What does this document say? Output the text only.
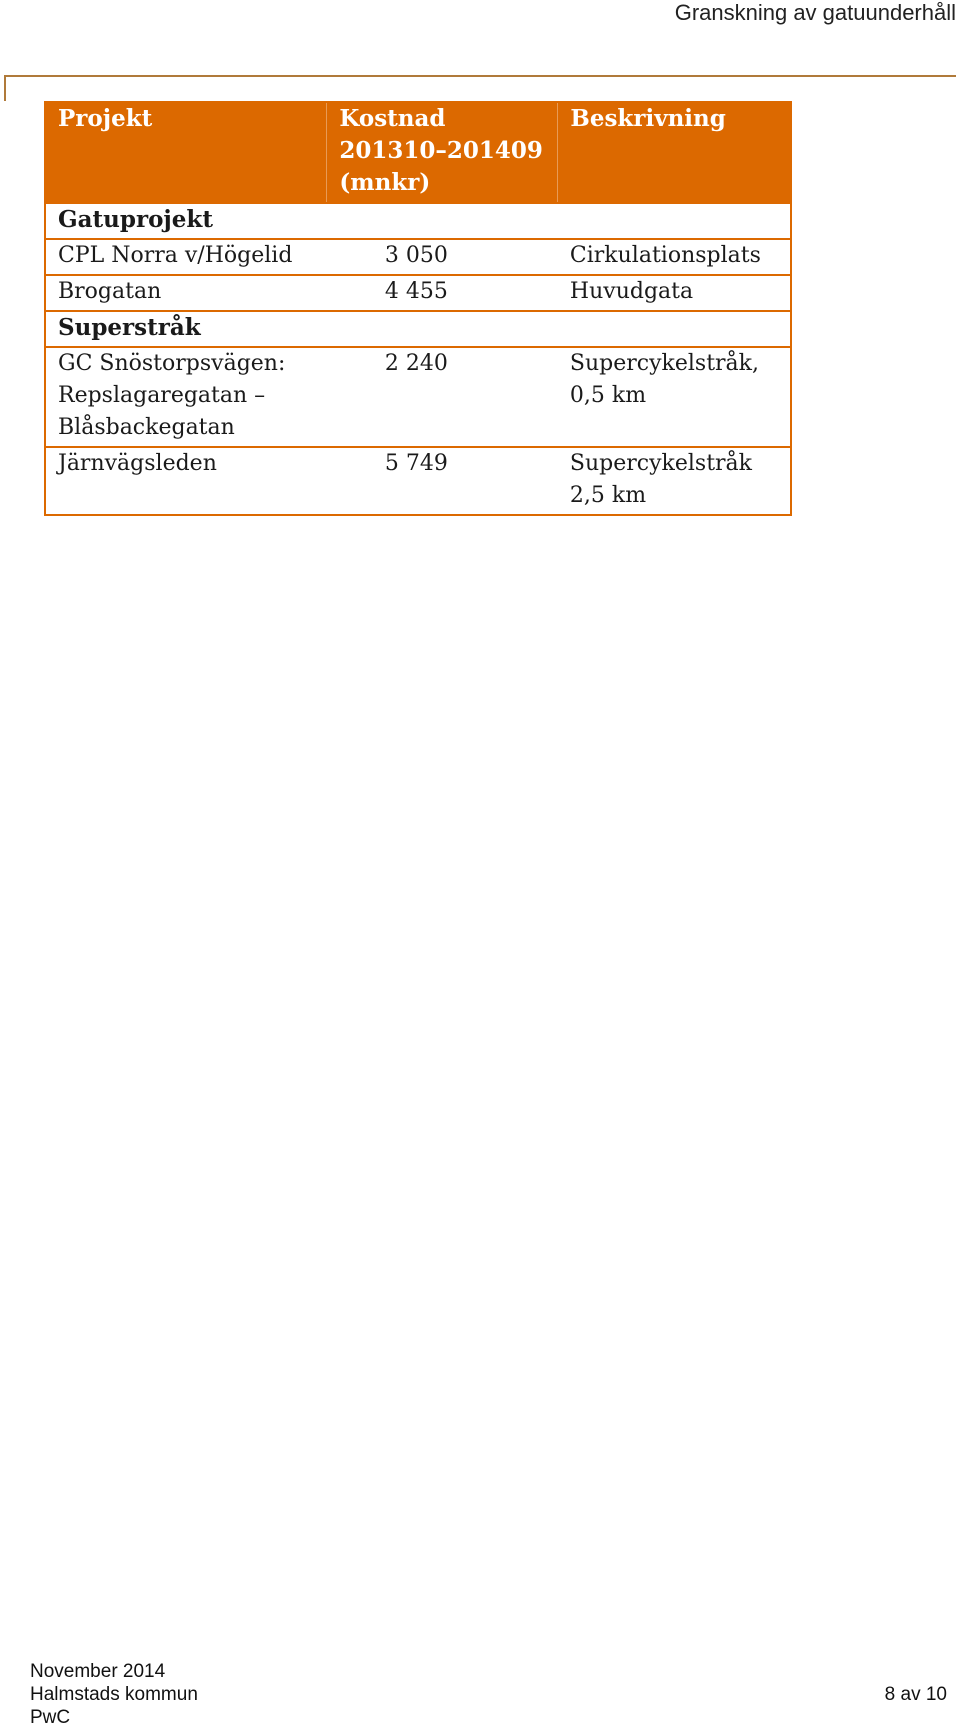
Granskning av gatuunderhåll
Projekt	Kostnad 201310–201409 (mnkr)	Beskrivning
Gatuprojekt		
CPL Norra v/Högelid	3 050	Cirkulationsplats
Brogatan	4 455	Huvudgata
Superstråk		
GC Snöstorpsvägen: Repslagaregatan – Blåsbackegatan	2 240	Supercykelstråk, 0,5 km
Järnvägsleden	5 749	Supercykelstråk 2,5 km
November 2014
Halmstads kommun
PwC
8 av 10
